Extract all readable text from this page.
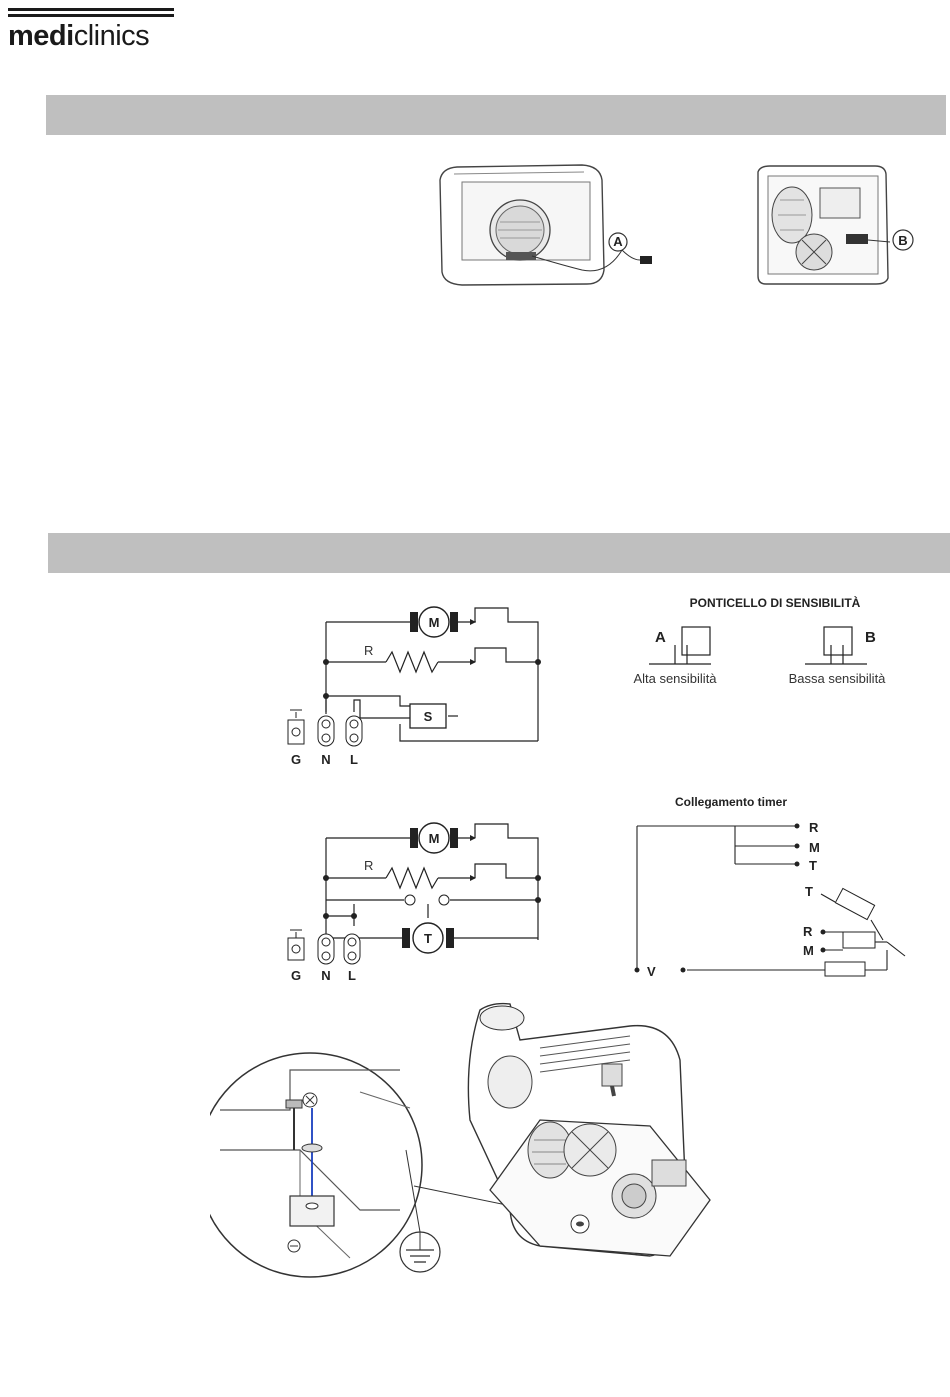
mediclinics
A	B
M
R
S
G N L
PONTICELLO DI SENSIBILITÀ
A
Alta sensibilità
B
Bassa sensibilità
M
R
T
G N L
Collegamento timer
R
M
T
T
R
M
V
